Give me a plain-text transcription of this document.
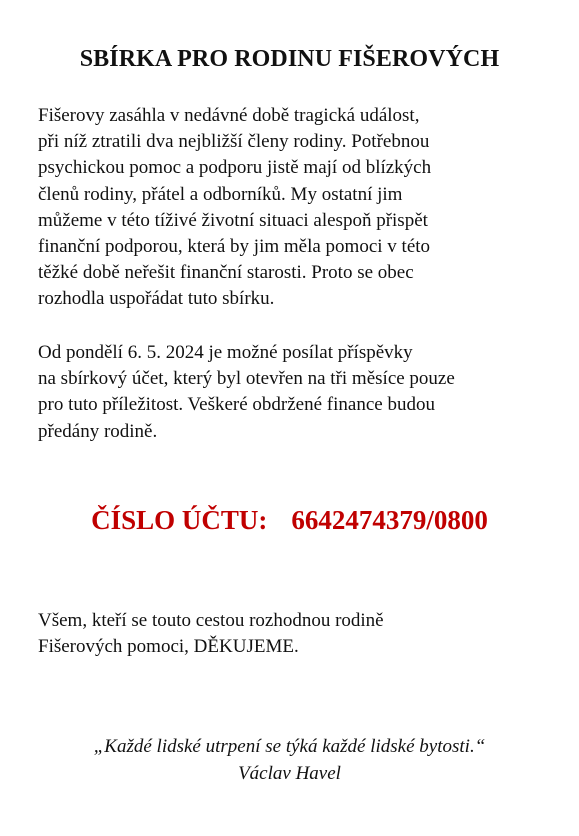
SBÍRKA PRO RODINU FIŠEROVÝCH

Fišerovy zasáhla v nedávné době tragická událost,
při níž ztratili dva nejbližší členy rodiny. Potřebnou
psychickou pomoc a podporu jistě mají od blízkých
členů rodiny, přátel a odborníků. My ostatní jim
můžeme v této tíživé životní situaci alespoň přispět
finanční podporou, která by jim měla pomoci v této
těžké době neřešit finanční starosti. Proto se obec
rozhodla uspořádat tuto sbírku.

Od pondělí 6. 5. 2024 je možné posílat příspěvky
na sbírkový účet, který byl otevřen na tři měsíce pouze
pro tuto příležitost. Veškeré obdržené finance budou
předány rodině.

ČÍSLO ÚČTU: 6642474379/0800

Všem, kteří se touto cestou rozhodnou rodině
Fišerových pomoci, DĚKUJEME.

„Každé lidské utrpení se týká každé lidské bytosti.“
Václav Havel
